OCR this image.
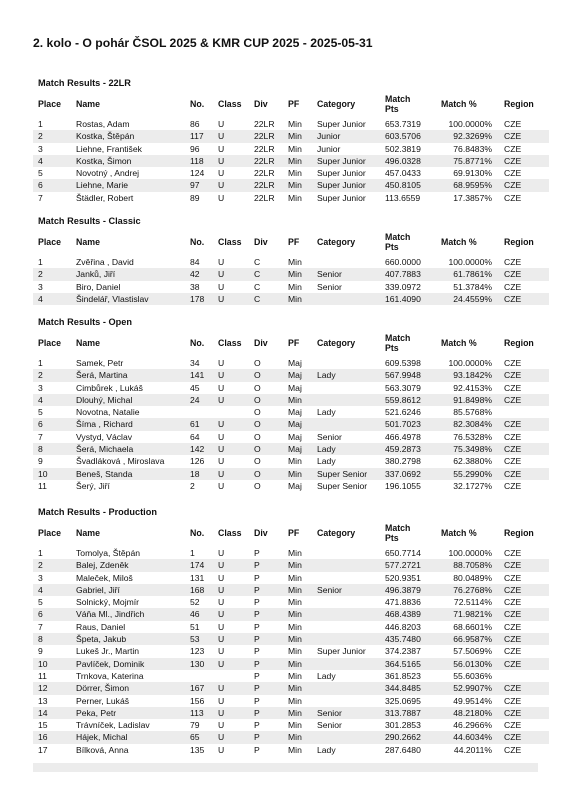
2. kolo - O pohár ČSOL 2025 & KMR CUP 2025 - 2025-05-31
Match Results - 22LR
Place	Name	No.	Class	Div	PF	Category	Match
Pts	Match %	Region
1	Rostas, Adam	86	U	22LR	Min	Super Junior	653.7319	100.0000%	CZE
2	Kostka, Štěpán	117	U	22LR	Min	Junior	603.5706	92.3269%	CZE
3	Liehne, František	96	U	22LR	Min	Junior	502.3819	76.8483%	CZE
4	Kostka, Šimon	118	U	22LR	Min	Super Junior	496.0328	75.8771%	CZE
5	Novotný , Andrej	124	U	22LR	Min	Super Junior	457.0433	69.9130%	CZE
6	Liehne, Marie	97	U	22LR	Min	Super Junior	450.8105	68.9595%	CZE
7	Štädler, Robert	89	U	22LR	Min	Super Junior	113.6559	17.3857%	CZE
Match Results - Classic
Place	Name	No.	Class	Div	PF	Category	Match
Pts	Match %	Region
1	Zvěřina , David	84	U	C	Min		660.0000	100.0000%	CZE
2	Janků, Jiří	42	U	C	Min	Senior	407.7883	61.7861%	CZE
3	Biro, Daniel	38	U	C	Min	Senior	339.0972	51.3784%	CZE
4	Šindelář, Vlastislav	178	U	C	Min		161.4090	24.4559%	CZE
Match Results - Open
Place	Name	No.	Class	Div	PF	Category	Match
Pts	Match %	Region
1	Samek, Petr	34	U	O	Maj		609.5398	100.0000%	CZE
2	Šerá, Martina	141	U	O	Maj	Lady	567.9948	93.1842%	CZE
3	Cimbůrek , Lukáš	45	U	O	Maj		563.3079	92.4153%	CZE
4	Dlouhý, Michal	24	U	O	Min		559.8612	91.8498%	CZE
5	Novotna, Natalie			O	Maj	Lady	521.6246	85.5768%	
6	Šíma , Richard	61	U	O	Maj		501.7023	82.3084%	CZE
7	Vystyd, Václav	64	U	O	Maj	Senior	466.4978	76.5328%	CZE
8	Šerá, Michaela	142	U	O	Maj	Lady	459.2873	75.3498%	CZE
9	Švadláková , Miroslava	126	U	O	Min	Lady	380.2798	62.3880%	CZE
10	Beneš, Standa	18	U	O	Min	Super Senior	337.0692	55.2990%	CZE
11	Šerý, Jiří	2	U	O	Maj	Super Senior	196.1055	32.1727%	CZE
Match Results - Production
Place	Name	No.	Class	Div	PF	Category	Match
Pts	Match %	Region
1	Tomolya, Štěpán	1	U	P	Min		650.7714	100.0000%	CZE
2	Balej, Zdeněk	174	U	P	Min		577.2721	88.7058%	CZE
3	Maleček, Miloš	131	U	P	Min		520.9351	80.0489%	CZE
4	Gabriel, Jiří	168	U	P	Min	Senior	496.3879	76.2768%	CZE
5	Solnický, Mojmír	52	U	P	Min		471.8836	72.5114%	CZE
6	Váňa Ml., Jindřich	46	U	P	Min		468.4389	71.9821%	CZE
7	Raus, Daniel	51	U	P	Min		446.8203	68.6601%	CZE
8	Špeta, Jakub	53	U	P	Min		435.7480	66.9587%	CZE
9	Lukeš Jr., Martin	123	U	P	Min	Super Junior	374.2387	57.5069%	CZE
10	Pavlíček, Dominik	130	U	P	Min		364.5165	56.0130%	CZE
11	Trnkova, Katerina			P	Min	Lady	361.8523	55.6036%	
12	Dörrer, Šimon	167	U	P	Min		344.8485	52.9907%	CZE
13	Perner, Lukáš	156	U	P	Min		325.0695	49.9514%	CZE
14	Peka, Petr	113	U	P	Min	Senior	313.7887	48.2180%	CZE
15	Trávníček, Ladislav	79	U	P	Min	Senior	301.2853	46.2966%	CZE
16	Hájek, Michal	65	U	P	Min		290.2662	44.6034%	CZE
17	Bílková, Anna	135	U	P	Min	Lady	287.6480	44.2011%	CZE
